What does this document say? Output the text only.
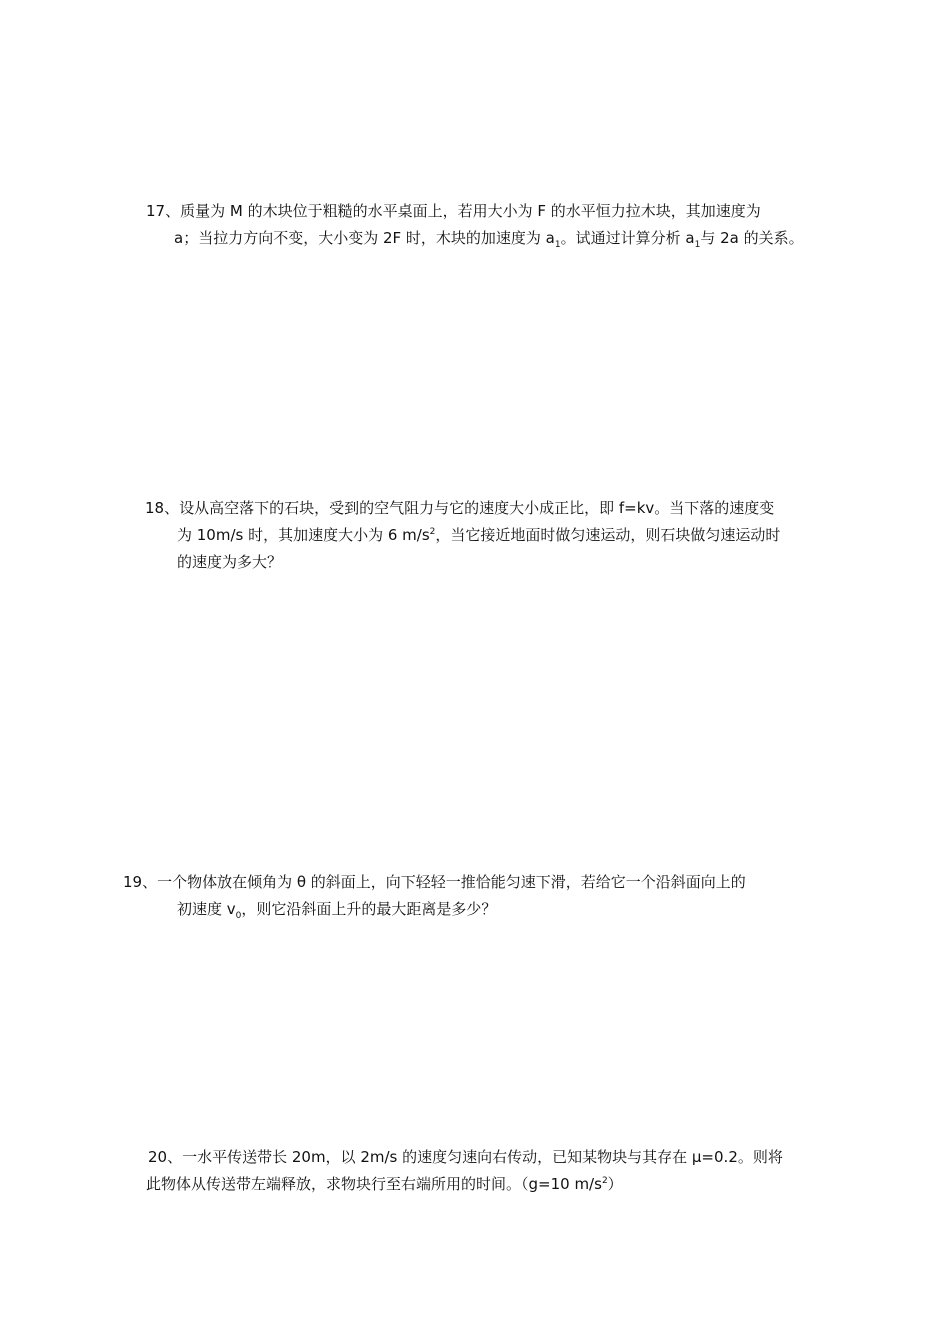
17、质量为 M 的木块位于粗糙的水平桌面上，若用大小为 F 的水平恒力拉木块，其加速度为
a；当拉力方向不变，大小变为 2F 时，木块的加速度为 $a_1$。试通过计算分析 $a_1$与 2a 的关系。
18、设从高空落下的石块，受到的空气阻力与它的速度大小成正比，即 f=kv。当下落的速度变
为 10m/s 时，其加速度大小为 6 $m/s^2$，当它接近地面时做匀速运动，则石块做匀速运动时
的速度为多大？
19、一个物体放在倾角为 θ 的斜面上，向下轻轻一推恰能匀速下滑，若给它一个沿斜面向上的
初速度 $v_0$，则它沿斜面上升的最大距离是多少？
20、一水平传送带长 20m，以 2m/s 的速度匀速向右传动，已知某物块与其存在 μ=0.2。则将
此物体从传送带左端释放，求物块行至右端所用的时间。（g=10 $m/s^2$）
